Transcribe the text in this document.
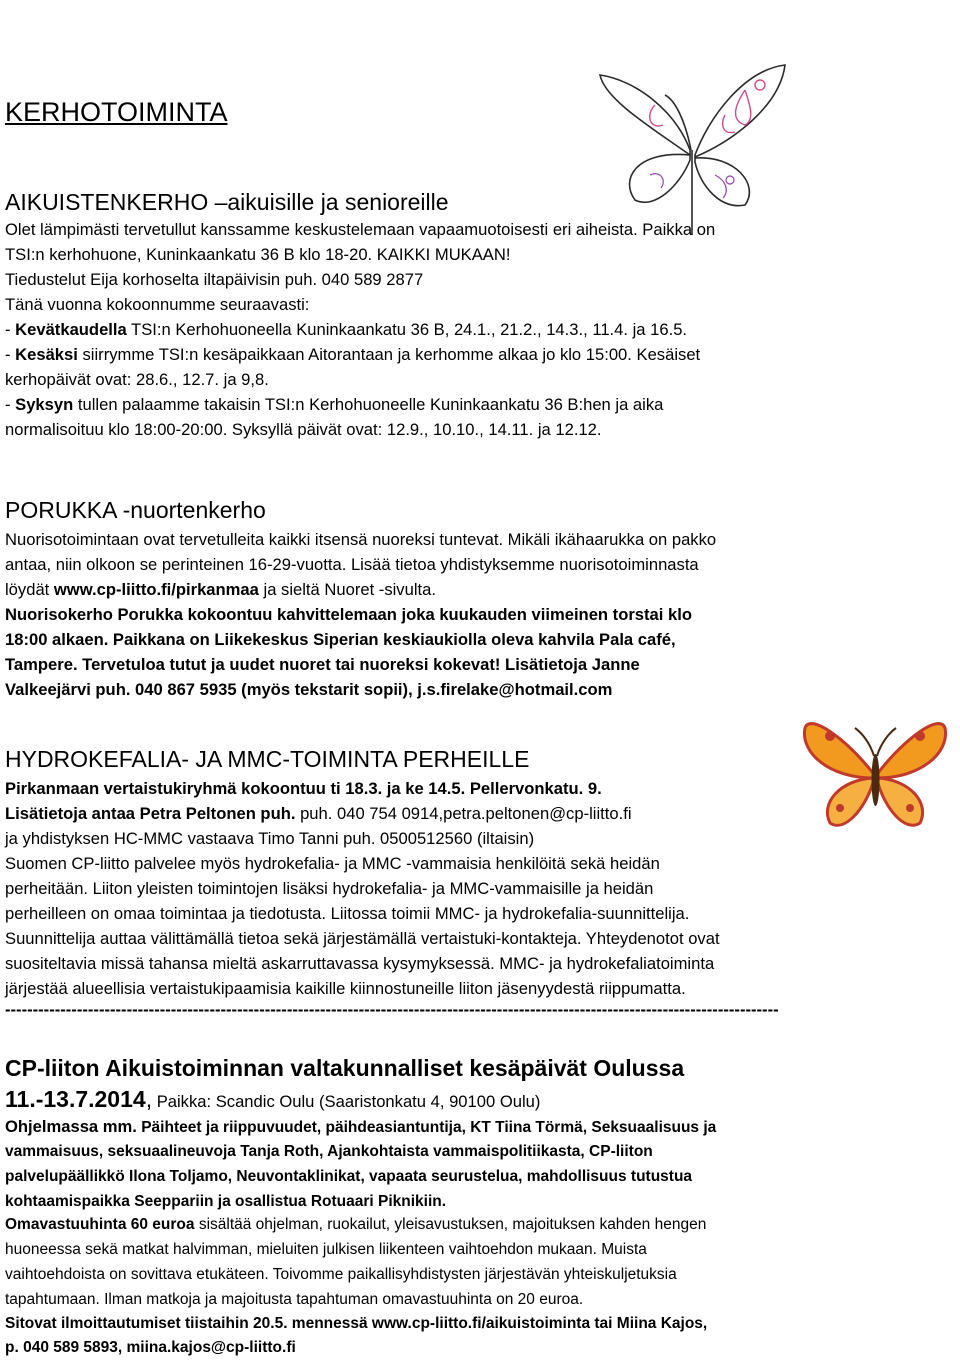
KERHOTOIMINTA
AIKUISTENKERHO –aikuisille ja senioreille
Olet lämpimästi tervetullut kanssamme keskustelemaan vapaamuotoisesti eri aiheista. Paikka on
TSI:n kerhohuone, Kuninkaankatu 36 B klo 18-20. KAIKKI MUKAAN!
Tiedustelut Eija korhoselta iltapäivisin puh. 040 589 2877
Tänä vuonna kokoonnumme seuraavasti:
- Kevätkaudella TSI:n Kerhohuoneella Kuninkaankatu 36 B, 24.1., 21.2., 14.3., 11.4. ja 16.5.
- Kesäksi siirrymme TSI:n kesäpaikkaan Aitorantaan ja kerhomme alkaa jo klo 15:00. Kesäiset
kerhopäivät ovat: 28.6., 12.7. ja 9,8.
- Syksyn tullen palaamme takaisin TSI:n Kerhohuoneelle Kuninkaankatu 36 B:hen ja aika
normalisoituu klo 18:00-20:00. Syksyllä päivät ovat: 12.9., 10.10., 14.11. ja 12.12.
PORUKKA -nuortenkerho
Nuorisotoimintaan ovat tervetulleita kaikki itsensä nuoreksi tuntevat. Mikäli ikähaarukka on pakko
antaa, niin olkoon se perinteinen 16-29-vuotta. Lisää tietoa yhdistyksemme nuorisotoiminnasta
löydät www.cp-liitto.fi/pirkanmaa ja sieltä Nuoret -sivulta.
Nuorisokerho Porukka kokoontuu kahvittelemaan joka kuukauden viimeinen torstai klo
18:00 alkaen. Paikkana on Liikekeskus Siperian keskiaukiolla oleva kahvila Pala café,
Tampere. Tervetuloa tutut ja uudet nuoret tai nuoreksi kokevat! Lisätietoja Janne
Valkeejärvi puh. 040 867 5935 (myös tekstarit sopii), j.s.firelake@hotmail.com
HYDROKEFALIA- JA MMC-TOIMINTA PERHEILLE
Pirkanmaan vertaistukiryhmä kokoontuu ti 18.3. ja ke 14.5. Pellervonkatu. 9.
Lisätietoja antaa Petra Peltonen puh. puh. 040 754 0914,petra.peltonen@cp-liitto.fi
ja yhdistyksen HC-MMC vastaava Timo Tanni puh. 0500512560 (iltaisin)
Suomen CP-liitto palvelee myös hydrokefalia- ja MMC -vammaisia henkilöitä sekä heidän
perheitään. Liiton yleisten toimintojen lisäksi hydrokefalia- ja MMC-vammaisille ja heidän
perheilleen on omaa toimintaa ja tiedotusta. Liitossa toimii MMC- ja hydrokefalia-suunnittelija.
Suunnittelija auttaa välittämällä tietoa sekä järjestämällä vertaistuki-kontakteja. Yhteydenotot ovat
suositeltavia missä tahansa mieltä askarruttavassa kysymyksessä. MMC- ja hydrokefaliatoiminta
järjestää alueellisia vertaistukipaamisia kaikille kiinnostuneille liiton jäsenyydestä riippumatta.
--------------------------------------------------------------------------------------------------------------------------------------------
CP-liiton Aikuistoiminnan valtakunnalliset kesäpäivät Oulussa
11.-13.7.2014, Paikka: Scandic Oulu (Saaristonkatu 4, 90100 Oulu)
Ohjelmassa mm. Päihteet ja riippuvuudet, päihdeasiantuntija, KT Tiina Törmä, Seksuaalisuus ja
vammaisuus, seksuaalineuvoja Tanja Roth, Ajankohtaista vammaispolitiikasta, CP-liiton
palvelupäällikkö Ilona Toljamo, Neuvontaklinikat, vapaata seurustelua, mahdollisuus tutustua
kohtaamispaikka Seeppariin ja osallistua Rotuaari Piknikiin.
Omavastuuhinta 60 euroa sisältää ohjelman, ruokailut, yleisavustuksen, majoituksen kahden hengen
huoneessa sekä matkat halvimman, mieluiten julkisen liikenteen vaihtoehdon mukaan. Muista
vaihtoehdoista on sovittava etukäteen. Toivomme paikallisyhdistysten järjestävän yhteiskuljetuksia
tapahtumaan. Ilman matkoja ja majoitusta tapahtuman omavastuuhinta on 20 euroa.
Sitovat ilmoittautumiset tiistaihin 20.5. mennessä www.cp-liitto.fi/aikuistoiminta tai Miina Kajos,
p. 040 589 5893, miina.kajos@cp-liitto.fi
